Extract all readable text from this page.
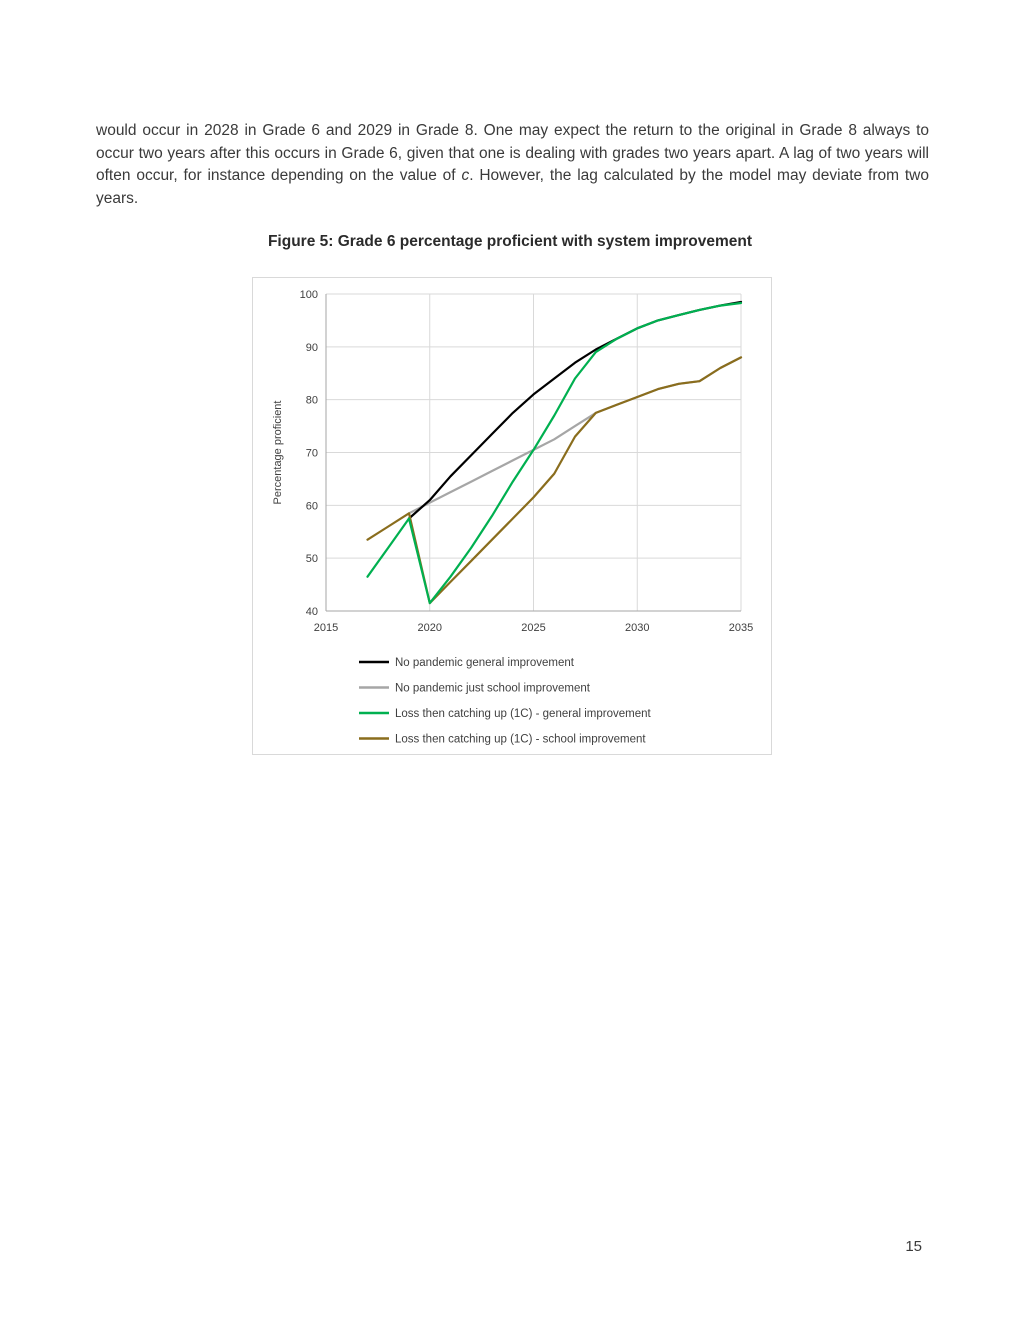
would occur in 2028 in Grade 6 and 2029 in Grade 8. One may expect the return to the original in Grade 8 always to occur two years after this occurs in Grade 6, given that one is dealing with grades two years apart. A lag of two years will often occur, for instance depending on the value of c. However, the lag calculated by the model may deviate from two years.

Figure 5: Grade 6 percentage proficient with system improvement
40
50
60
70
80
90
100
2015	2020	2025	2030	2035
Percentage proficient
No pandemic general improvement
No pandemic just school improvement
Loss then catching up (1C) - general improvement
Loss then catching up (1C) - school improvement
15
